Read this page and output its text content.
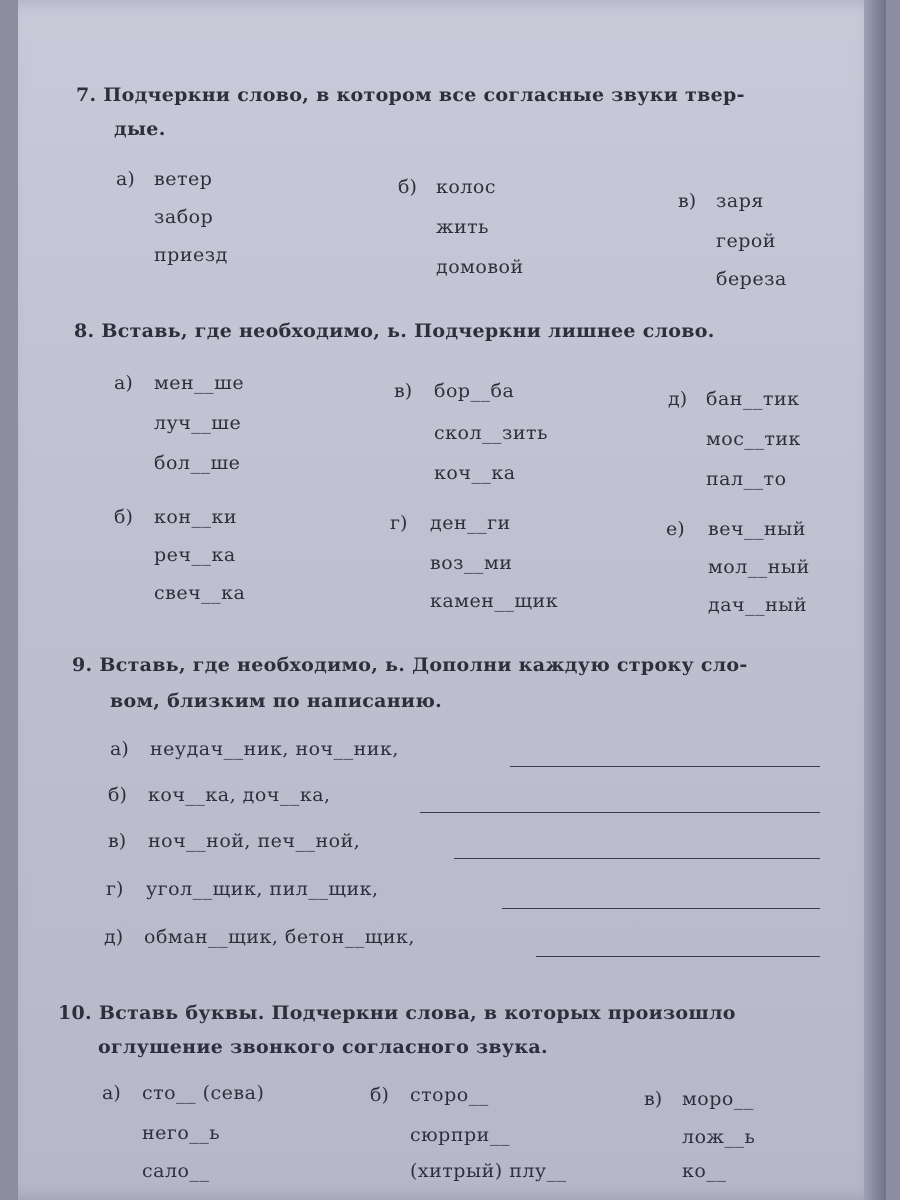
7. Подчеркни слово, в котором все согласные звуки твер-
дые.
а) ветер
забор
приезд
б) колос
жить
домовой
в) заря
герой
береза
8. Вставь, где необходимо, ь. Подчеркни лишнее слово.
а) мен__ше
луч__ше
бол__ше
в) бор__ба
скол__зить
коч__ка
д) бан__тик
мос__тик
пал__то
б) кон__ки
реч__ка
свеч__ка
г) ден__ги
воз__ми
камен__щик
е) веч__ный
мол__ный
дач__ный
9. Вставь, где необходимо, ь. Дополни каждую строку сло-
вом, близким по написанию.
а) неудач__ник, ноч__ник,
б) коч__ка, доч__ка,
в) ноч__ной, печ__ной,
г) угол__щик, пил__щик,
д) обман__щик, бетон__щик,
10. Вставь буквы. Подчеркни слова, в которых произошло
оглушение звонкого согласного звука.
а) сто__ (сева)
него__ь
сало__
б) сторо__
сюрпри__
(хитрый) плу__
в) моро__
лож__ь
ко__
